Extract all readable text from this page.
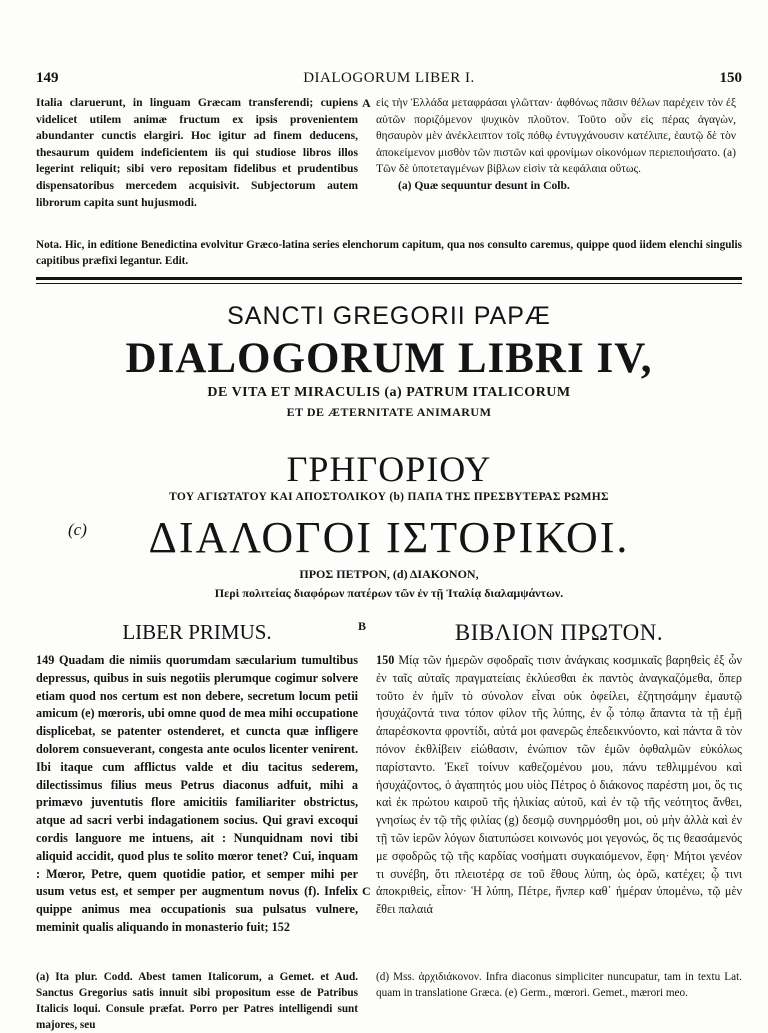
149	DIALOGORUM LIBER I.	150
Italia claruerunt, in linguam Græcam transferendi; cupiens videlicet utilem animæ fructum ex ipsis provenientem abundanter cunctis elargiri. Hoc igitur ad finem deducens, thesaurum quidem indeficientem iis qui studiose libros illos legerint reliquit; sibi vero repositam fidelibus et prudentibus dispensatoribus mercedem acquisivit. Subjectorum autem librorum capita sunt hujusmodi.
A εἰς τὴν Ἑλλάδα μεταφράσαι γλῶτταν· ἀφθόνως πᾶσιν θέλων παρέχειν τὸν ἐξ αὐτῶν ποριζόμενον ψυχικὸν πλοῦτον. Τοῦτο οὖν εἰς πέρας ἀγαγὼν, θησαυρὸν μὲν ἀνέκλειπτον τοῖς πόθῳ ἐντυγχάνουσιν κατέλιπε, ἑαυτῷ δὲ τὸν ἀποκείμενον μισθὸν τῶν πιστῶν καὶ φρονίμων οἰκονόμων περιεποιήσατο. (a) Τῶν δὲ ὑποτεταγμένων βίβλων εἰσὶν τὰ κεφάλαια οὕτως.
(a) Quæ sequuntur desunt in Colb.
Nota. Hic, in editione Benedictina evolvitur Græco-latina series elenchorum capitum, qua nos consulto caremus, quippe quod iidem elenchi singulis capitibus præfixi legantur. Edit.
SANCTI GREGORII PAPÆ
DIALOGORUM LIBRI IV,
DE VITA ET MIRACULIS (a) PATRUM ITALICORUM
ET DE ÆTERNITATE ANIMARUM
ΓΡΗΓΟΡΙΟΥ
ΤΟΥ ΑΓΙΩΤΑΤΟΥ ΚΑΙ ΑΠΟΣΤΟΛΙΚΟΥ (b) ΠΑΠΑ ΤΗΣ ΠΡΕΣΒΥΤΕΡΑΣ ΡΩΜΗΣ
(c)	ΔΙΑΛΟΓΟΙ ΙΣΤΟΡΙΚΟΙ.
ΠΡΟΣ ΠΕΤΡΟΝ, (d) ΔΙΑΚΟΝΟΝ,
Περὶ πολιτείας διαφόρων πατέρων τῶν ἐν τῇ Ἰταλίᾳ διαλαμψάντων.
LIBER PRIMUS.	B	ΒΙΒΛΙΟΝ ΠΡΩΤΟΝ.
149 Quadam die nimiis quorumdam sæcularium tumultibus depressus, quibus in suis negotiis plerumque cogimur solvere etiam quod nos certum est non debere, secretum locum petii amicum (e) mœroris, ubi omne quod de mea mihi occupatione displicebat, se patenter ostenderet, et cuncta quæ infligere dolorem consueverant, congesta ante oculos licenter venirent. Ibi itaque cum afflictus valde et diu tacitus sederem, dilectissimus filius meus Petrus diaconus adfuit, mihi a primævo juventutis flore amicitiis familiariter obstrictus, atque ad sacri verbi indagationem socius. Qui gravi excoqui cordis languore me intuens, ait : Nunquidnam novi tibi aliquid accidit, quod plus te solito mœror tenet? Cui, inquam : Mœror, Petre, quem quotidie patior, et semper mihi per usum vetus est, et semper per augmentum novus (f). Infelix quippe animus mea occupationis sua pulsatus vulnere, meminit qualis aliquando in monasterio fuit; 152
C
150 Μίᾳ τῶν ἡμερῶν σφοδραῖς τισιν ἀνάγκαις κοσμικαῖς βαρηθεὶς ἐξ ὧν ἐν ταῖς αὐταῖς πραγματείαις ἐκλύεσθαι ἐκ παντὸς ἀναγκαζόμεθα, ὅπερ τοῦτο ἐν ἡμῖν τὸ σύνολον εἶναι οὐκ ὀφείλει, ἐζητησάμην ἐμαυτῷ ἡσυχάζοντά τινα τόπον φίλον τῆς λύπης, ἐν ᾧ τόπῳ ἅπαντα τὰ τῇ ἐμῇ ἀπαρέσκοντα φροντίδι, αὐτά μοι φανερῶς ἐπεδεικνύοντο, καὶ πάντα ἃ τὸν πόνον ἐκθλίβειν εἰώθασιν, ἐνώπιον τῶν ἐμῶν ὀφθαλμῶν εὐκόλως παρίσταντο. Ἐκεῖ τοίνυν καθεζομένου μου, πάνυ τεθλιμμένου καὶ ἡσυχάζοντος, ὁ ἀγαπητός μου υἱὸς Πέτρος ὁ διάκονος παρέστη μοι, ὅς τις καὶ ἐκ πρώτου καιροῦ τῆς ἡλικίας αὐτοῦ, καὶ ἐν τῷ τῆς νεότητος ἄνθει, γνησίως ἐν τῷ τῆς φιλίας (g) δεσμῷ συνηρμόσθη μοι, οὐ μὴν ἀλλὰ καὶ ἐν τῇ τῶν ἱερῶν λόγων διατυπώσει κοινωνός μοι γεγονώς, ὅς τις θεασάμενός με σφοδρῶς τῷ τῆς καρδίας νοσήματι συγκαιόμενον, ἔφη· Μήτοι γενέον τι συνέβη, ὅτι πλειοτέρᾳ σε τοῦ ἔθους λύπη, ὡς ὁρῶ, κατέχει; ᾧ τινι ἀποκριθεὶς, εἶπον· Ἡ λύπη, Πέτρε, ἥνπερ καθ᾽ ἡμέραν ὑπομένω, τῷ μὲν ἔθει παλαιά
(a) Ita plur. Codd. Abest tamen Italicorum, a Gemet. et Aud. Sanctus Gregorius satis innuit sibi propositum esse de Patribus Italicis loqui. Consule præfat. Porro per Patres intelligendi sunt majores, seu
(d) Mss. ἀρχιδιάκονον. Infra diaconus simpliciter nuncupatur, tam in textu Lat. quam in translatione Græca. (e) Germ., mœrori. Gemet., mærori meo.
